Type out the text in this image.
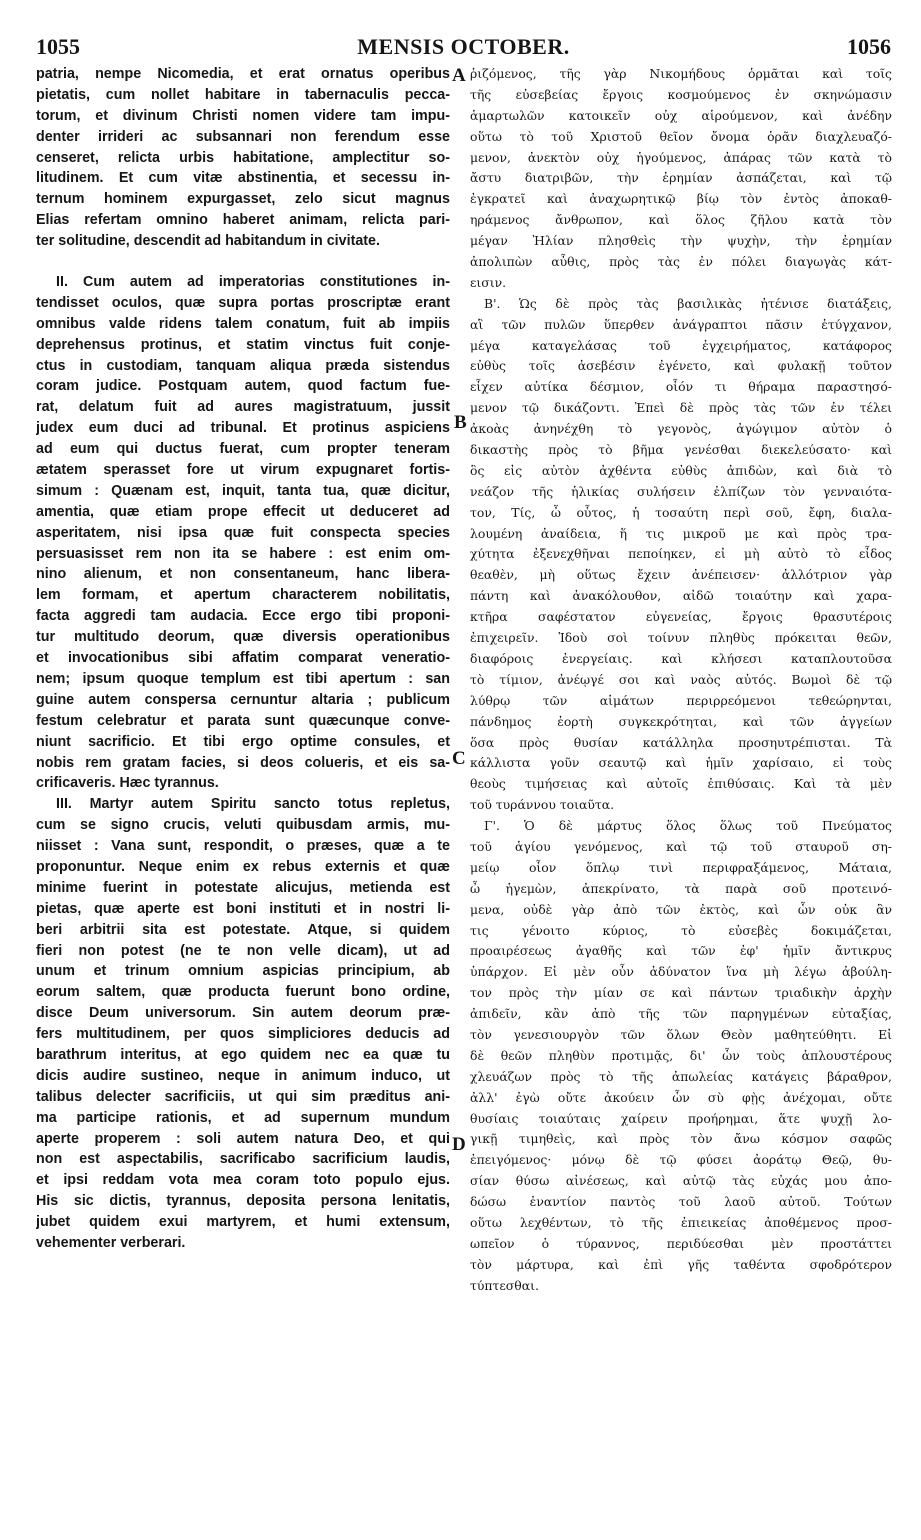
1055	MENSIS OCTOBER.	1056
patria, nempe Nicomedia, et erat ornatus operibus
pietatis, cum nollet habitare in tabernaculis pecca-
torum, et divinum Christi nomen videre tam impu-
denter irrideri ac subsannari non ferendum esse
censeret, relicta urbis habitatione, amplectitur so-
litudinem. Et cum vitæ abstinentia, et secessu in-
ternum hominem expurgasset, zelo sicut magnus
Elias refertam omnino haberet animam, relicta pari-
ter solitudine, descendit ad habitandum in civitate.
II. Cum autem ad imperatorias constitutiones in-
tendisset oculos, quæ supra portas proscriptæ erant
omnibus valde ridens talem conatum, fuit ab impiis
deprehensus protinus, et statim vinctus fuit conje-
ctus in custodiam, tanquam aliqua præda sistendus
coram judice. Postquam autem, quod factum fue-
rat, delatum fuit ad aures magistratuum, jussit
judex eum duci ad tribunal. Et protinus aspiciens
ad eum qui ductus fuerat, cum propter teneram
ætatem sperasset fore ut virum expugnaret fortis-
simum : Quænam est, inquit, tanta tua, quæ dicitur,
amentia, quæ etiam prope effecit ut deduceret ad
asperitatem, nisi ipsa quæ fuit conspecta species
persuasisset rem non ita se habere : est enim om-
nino alienum, et non consentaneum, hanc libera-
lem formam, et apertum characterem nobilitatis,
facta aggredi tam audacia. Ecce ergo tibi proponi-
tur multitudo deorum, quæ diversis operationibus
et invocationibus sibi affatim comparat veneratio-
nem; ipsum quoque templum est tibi apertum : san
guine autem conspersa cernuntur altaria ; publicum
festum celebratur et parata sunt quæcunque conve-
niunt sacrificio. Et tibi ergo optime consules, et
nobis rem gratam facies, si deos colueris, et eis sa-
crificaveris. Hæc tyrannus.
III. Martyr autem Spiritu sancto totus repletus,
cum se signo crucis, veluti quibusdam armis, mu-
niisset : Vana sunt, respondit, o præses, quæ a te
proponuntur. Neque enim ex rebus externis et quæ
minime fuerint in potestate alicujus, metienda est
pietas, quæ aperte est boni instituti et in nostri li-
beri arbitrii sita est potestate. Atque, si quidem
fieri non potest (ne te non velle dicam), ut ad
unum et trinum omnium aspicias principium, ab
eorum saltem, quæ producta fuerunt bono ordine,
disce Deum universorum. Sin autem deorum præ-
fers multitudinem, per quos simpliciores deducis ad
barathrum interitus, at ego quidem nec ea quæ tu
dicis audire sustineo, neque in animum induco, ut
talibus delecter sacrificiis, ut qui sim præditus ani-
ma participe rationis, et ad supernum mundum
aperte properem : soli autem natura Deo, et qui
non est aspectabilis, sacrificabo sacrificium laudis,
et ipsi reddam vota mea coram toto populo ejus.
His sic dictis, tyrannus, deposita persona lenitatis,
jubet quidem exui martyrem, et humi extensum,
vehementer verberari.
A
B
C
D
ῥιζόμενος, τῆς γὰρ Νικομήδους ὁρμᾶται καὶ τοῖς
τῆς εὐσεβείας ἔργοις κοσμούμενος ἐν σκηνώμασιν
ἁμαρτωλῶν κατοικεῖν οὐχ αἱρούμενον, καὶ ἀνέδην
οὕτω τὸ τοῦ Χριστοῦ θεῖον ὄνομα ὁρᾶν διαχλευαζό-
μενον, ἀνεκτὸν οὐχ ἡγούμενος, ἀπάρας τῶν κατὰ τὸ
ἄστυ διατριβῶν, τὴν ἐρημίαν ἀσπάζεται, καὶ τῷ
ἐγκρατεῖ καὶ ἀναχωρητικῷ βίῳ τὸν ἐντὸς ἀποκαθ-
ηράμενος ἄνθρωπον, καὶ ὅλος ζῆλου κατὰ τὸν
μέγαν Ἠλίαν πλησθεὶς τὴν ψυχὴν, τὴν ἐρημίαν
ἀπολιπὼν αὖθις, πρὸς τὰς ἐν πόλει διαγωγὰς κάτ-
εισιν.
Β'. Ὡς δὲ πρὸς τὰς βασιλικὰς ἠτένισε διατάξεις,
αἳ τῶν πυλῶν ὕπερθεν ἀνάγραπτοι πᾶσιν ἐτύγχανον,
μέγα καταγελάσας τοῦ ἐγχειρήματος, κατάφορος
εὐθὺς τοῖς ἀσεβέσιν ἐγένετο, καὶ φυλακῇ τοῦτον
εἶχεν αὐτίκα δέσμιον, οἷόν τι θήραμα παραστησό-
μενον τῷ δικάζοντι. Ἐπεὶ δὲ πρὸς τὰς τῶν ἐν τέλει
ἀκοὰς ἀνηνέχθη τὸ γεγονὸς, ἀγώγιμον αὐτὸν ὁ
δικαστὴς πρὸς τὸ βῆμα γενέσθαι διεκελεύσατο· καὶ
ὃς εἰς αὐτὸν ἀχθέντα εὐθὺς ἀπιδὼν, καὶ διὰ τὸ
νεάζον τῆς ἡλικίας συλήσειν ἐλπίζων τὸν γενναιότα-
τον, Τίς, ὦ οὗτος, ἡ τοσαύτη περὶ σοῦ, ἔφη, διαλα-
λουμένη ἀναίδεια, ἥ τις μικροῦ με καὶ πρὸς τρα-
χύτητα ἐξενεχθῆναι πεποίηκεν, εἰ μὴ αὐτὸ τὸ εἶδος
θεαθὲν, μὴ οὕτως ἔχειν ἀνέπεισεν· ἀλλότριον γὰρ
πάντη καὶ ἀνακόλουθον, αἰδῶ τοιαύτην καὶ χαρα-
κτῆρα σαφέστατον εὐγενείας, ἔργοις θρασυτέροις
ἐπιχειρεῖν. Ἰδοὺ σοὶ τοίνυν πληθὺς πρόκειται θεῶν,
διαφόροις ἐνεργείαις. καὶ κλήσεσι καταπλουτοῦσα
τὸ τίμιον, ἀνέῳγέ σοι καὶ ναὸς αὐτός. Βωμοὶ δὲ τῷ
λύθρῳ τῶν αἱμάτων περιρρεόμενοι τεθεώρηνται,
πάνδημος ἑορτὴ συγκεκρότηται, καὶ τῶν ἀγγείων
ὅσα πρὸς θυσίαν κατάλληλα προσηυτρέπισται. Τὰ
κάλλιστα γοῦν σεαυτῷ καὶ ἡμῖν χαρίσαιο, εἰ τοὺς
θεοὺς τιμήσειας καὶ αὐτοῖς ἐπιθύσαις. Καὶ τὰ μὲν
τοῦ τυράννου τοιαῦτα.
Γ'. Ὁ δὲ μάρτυς ὅλος ὅλως τοῦ Πνεύματος
τοῦ ἁγίου γενόμενος, καὶ τῷ τοῦ σταυροῦ ση-
μείῳ οἷον ὅπλῳ τινὶ περιφραξάμενος, Μάταια,
ὦ ἡγεμὼν, ἀπεκρίνατο, τὰ παρὰ σοῦ προτεινό-
μενα, οὐδὲ γὰρ ἀπὸ τῶν ἐκτὸς, καὶ ὧν οὐκ ἂν
τις γένοιτο κύριος, τὸ εὐσεβὲς δοκιμάζεται,
προαιρέσεως ἀγαθῆς καὶ τῶν ἐφ' ἡμῖν ἄντικρυς
ὑπάρχον. Εἰ μὲν οὖν ἀδύνατον ἵνα μὴ λέγω ἀβούλη-
τον πρὸς τὴν μίαν σε καὶ πάντων τριαδικὴν ἀρχὴν
ἀπιδεῖν, κἂν ἀπὸ τῆς τῶν παρηγμένων εὐταξίας,
τὸν γενεσιουργὸν τῶν ὅλων Θεὸν μαθητεύθητι. Εἰ
δὲ θεῶν πληθὺν προτιμᾷς, δι' ὧν τοὺς ἁπλουστέρους
χλευάζων πρὸς τὸ τῆς ἀπωλείας κατάγεις βάραθρον,
ἀλλ' ἐγὼ οὔτε ἀκούειν ὧν σὺ φῂς ἀνέχομαι, οὔτε
θυσίαις τοιαύταις χαίρειν προήρημαι, ἅτε ψυχῇ λο-
γικῇ τιμηθεὶς, καὶ πρὸς τὸν ἄνω κόσμον σαφῶς
ἐπειγόμενος· μόνῳ δὲ τῷ φύσει ἀοράτῳ Θεῷ, θυ-
σίαν θύσω αἰνέσεως, καὶ αὐτῷ τὰς εὐχάς μου ἀπο-
δώσω ἐναντίον παντὸς τοῦ λαοῦ αὐτοῦ. Τούτων
οὕτω λεχθέντων, τὸ τῆς ἐπιεικείας ἀποθέμενος προσ-
ωπεῖον ὁ τύραννος, περιδύεσθαι μὲν προστάττει
τὸν μάρτυρα, καὶ ἐπὶ γῆς ταθέντα σφοδρότερον
τύπτεσθαι.
